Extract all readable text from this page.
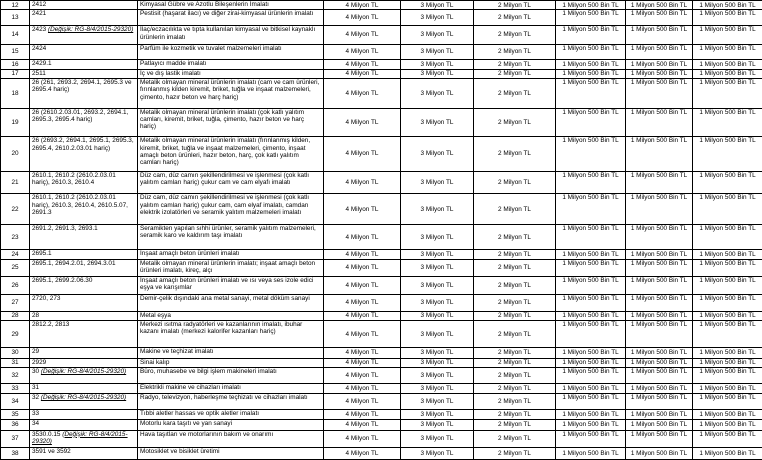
12	2412	Kimyasal Gübre ve Azotlu Bileşenlerin İmalatı	4 Milyon TL	3 Milyon TL	2 Milyon TL	1 Milyon 500 Bin TL	1 Milyon 500 Bin TL	1 Milyon 500 Bin TL
13	2421	Pestisit (haşarat ilacı) ve diğer zirai-kimyasal ürünlerin imalatı	4 Milyon TL	3 Milyon TL	2 Milyon TL	1 Milyon 500 Bin TL	1 Milyon 500 Bin TL	1 Milyon 500 Bin TL
14	2423 (Değişik: RG-8/4/2015-29320)	İlaç/eczacılıkta ve tıpta kullanılan kimyasal ve bitkisel kaynaklı ürünlerin imalatı	4 Milyon TL	3 Milyon TL	2 Milyon TL	1 Milyon 500 Bin TL	1 Milyon 500 Bin TL	1 Milyon 500 Bin TL
15	2424	Parfüm ile kozmetik ve tuvalet malzemeleri imalatı	4 Milyon TL	3 Milyon TL	2 Milyon TL	1 Milyon 500 Bin TL	1 Milyon 500 Bin TL	1 Milyon 500 Bin TL
16	2429.1	Patlayıcı madde imalatı	4 Milyon TL	3 Milyon TL	2 Milyon TL	1 Milyon 500 Bin TL	1 Milyon 500 Bin TL	1 Milyon 500 Bin TL
17	2511	İç ve dış lastik imalatı	4 Milyon TL	3 Milyon TL	2 Milyon TL	1 Milyon 500 Bin TL	1 Milyon 500 Bin TL	1 Milyon 500 Bin TL
18	26 (261, 2693.2, 2694.1, 2695.3 ve 2695.4 hariç)	Metalik olmayan mineral ürünlerin imalatı (cam ve cam ürünleri, fırınlanmış kilden kiremit, briket, tuğla ve inşaat malzemeleri, çimento, hazır beton ve harç hariç)	4 Milyon TL	3 Milyon TL	2 Milyon TL	1 Milyon 500 Bin TL	1 Milyon 500 Bin TL	1 Milyon 500 Bin TL
19	26 (2610.2.03.01, 2693.2, 2694.1, 2695.3, 2695.4 hariç)	Metalik olmayan mineral ürünlerin imalatı (çok katlı yalıtım camları, kiremit, briket, tuğla, çimento, hazır beton ve harç hariç)	4 Milyon TL	3 Milyon TL	2 Milyon TL	1 Milyon 500 Bin TL	1 Milyon 500 Bin TL	1 Milyon 500 Bin TL
20	26 (2693.2, 2694.1, 2695.1, 2695.3, 2695.4, 2610.2.03.01 hariç)	Metalik olmayan mineral ürünlerin imalatı (fırınlanmış kilden, kiremit, briket, tuğla ve inşaat malzemeleri, çimento, inşaat amaçlı beton ürünleri, hazır beton, harç, çok katlı yalıtım camları hariç)	4 Milyon TL	3 Milyon TL	2 Milyon TL	1 Milyon 500 Bin TL	1 Milyon 500 Bin TL	1 Milyon 500 Bin TL
21	2610.1, 2610.2 (2610.2.03.01 hariç), 2610.3, 2610.4	Düz cam, düz camın şekillendirilmesi ve işlenmesi (çok katlı yalıtım camları hariç) çukur cam ve cam elyafı imalatı	4 Milyon TL	3 Milyon TL	2 Milyon TL	1 Milyon 500 Bin TL	1 Milyon 500 Bin TL	1 Milyon 500 Bin TL
22	2610.1, 2610.2 (2610.2.03.01 hariç), 2610.3, 2610.4, 2610.5.07, 2691.3	Düz cam, düz camın şekillendirilmesi ve işlenmesi (çok katlı yalıtım camları hariç) çukur cam, cam elyaf imalatı, camdan elektrik izolatörleri ve seramik yalıtım malzemeleri imalatı	4 Milyon TL	3 Milyon TL	2 Milyon TL	1 Milyon 500 Bin TL	1 Milyon 500 Bin TL	1 Milyon 500 Bin TL
23	2691.2, 2691.3, 2693.1	Seramikten yapılan sıhhi ürünler, seramik yalıtım malzemeleri, seramik karo ve kaldırım taşı imalatı	4 Milyon TL	3 Milyon TL	2 Milyon TL	1 Milyon 500 Bin TL	1 Milyon 500 Bin TL	1 Milyon 500 Bin TL
24	2695.1	İnşaat amaçlı beton ürünleri imalatı	4 Milyon TL	3 Milyon TL	2 Milyon TL	1 Milyon 500 Bin TL	1 Milyon 500 Bin TL	1 Milyon 500 Bin TL
25	2695.1, 2694.2.01, 2694.3.01	Metalik olmayan mineral ürünlerin imalatı; inşaat amaçlı beton ürünleri imalatı, kireç, alçı	4 Milyon TL	3 Milyon TL	2 Milyon TL	1 Milyon 500 Bin TL	1 Milyon 500 Bin TL	1 Milyon 500 Bin TL
26	2695.1, 2699.2.06.30	İnşaat amaçlı beton ürünleri imalatı ve ısı veya ses izole edici eşya ve karışımlar	4 Milyon TL	3 Milyon TL	2 Milyon TL	1 Milyon 500 Bin TL	1 Milyon 500 Bin TL	1 Milyon 500 Bin TL
27	2720, 273	Demir-çelik dışındaki ana metal sanayi, metal döküm sanayi	4 Milyon TL	3 Milyon TL	2 Milyon TL	1 Milyon 500 Bin TL	1 Milyon 500 Bin TL	1 Milyon 500 Bin TL
28	28	Metal eşya	4 Milyon TL	3 Milyon TL	2 Milyon TL	1 Milyon 500 Bin TL	1 Milyon 500 Bin TL	1 Milyon 500 Bin TL
29	2812.2, 2813	Merkezi ısıtma radyatörleri ve kazanlarının imalatı, ibuhar kazanı imalatı (merkezi kalorifer kazanları hariç)	4 Milyon TL	3 Milyon TL	2 Milyon TL	1 Milyon 500 Bin TL	1 Milyon 500 Bin TL	1 Milyon 500 Bin TL
30	29	Makine ve teçhizat imalatı	4 Milyon TL	3 Milyon TL	2 Milyon TL	1 Milyon 500 Bin TL	1 Milyon 500 Bin TL	1 Milyon 500 Bin TL
31	2929	Sinai kalıp	4 Milyon TL	3 Milyon TL	2 Milyon TL	1 Milyon 500 Bin TL	1 Milyon 500 Bin TL	1 Milyon 500 Bin TL
32	30 (Değişik: RG-8/4/2015-29320)	Büro, muhasebe ve bilgi işlem makineleri imalatı	4 Milyon TL	3 Milyon TL	2 Milyon TL	1 Milyon 500 Bin TL	1 Milyon 500 Bin TL	1 Milyon 500 Bin TL
33	31	Elektrikli makine ve cihazları imalatı	4 Milyon TL	3 Milyon TL	2 Milyon TL	1 Milyon 500 Bin TL	1 Milyon 500 Bin TL	1 Milyon 500 Bin TL
34	32 (Değişik: RG-8/4/2015-29320)	Radyo, televizyon, haberleşme teçhizatı ve cihazları imalatı	4 Milyon TL	3 Milyon TL	2 Milyon TL	1 Milyon 500 Bin TL	1 Milyon 500 Bin TL	1 Milyon 500 Bin TL
35	33	Tıbbi aletler hassas ve optik aletler imalatı	4 Milyon TL	3 Milyon TL	2 Milyon TL	1 Milyon 500 Bin TL	1 Milyon 500 Bin TL	1 Milyon 500 Bin TL
36	34	Motorlu kara taşıtı ve yan sanayi	4 Milyon TL	3 Milyon TL	2 Milyon TL	1 Milyon 500 Bin TL	1 Milyon 500 Bin TL	1 Milyon 500 Bin TL
37	3530.0.15 (Değişik: RG-8/4/2015-29320)	Hava taşıtları ve motorlarının bakım ve onarımı	4 Milyon TL	3 Milyon TL	2 Milyon TL	1 Milyon 500 Bin TL	1 Milyon 500 Bin TL	1 Milyon 500 Bin TL
38	3591 ve 3592	Motosiklet ve bisiklet üretimi	4 Milyon TL	3 Milyon TL	2 Milyon TL	1 Milyon 500 Bin TL	1 Milyon 500 Bin TL	1 Milyon 500 Bin TL
